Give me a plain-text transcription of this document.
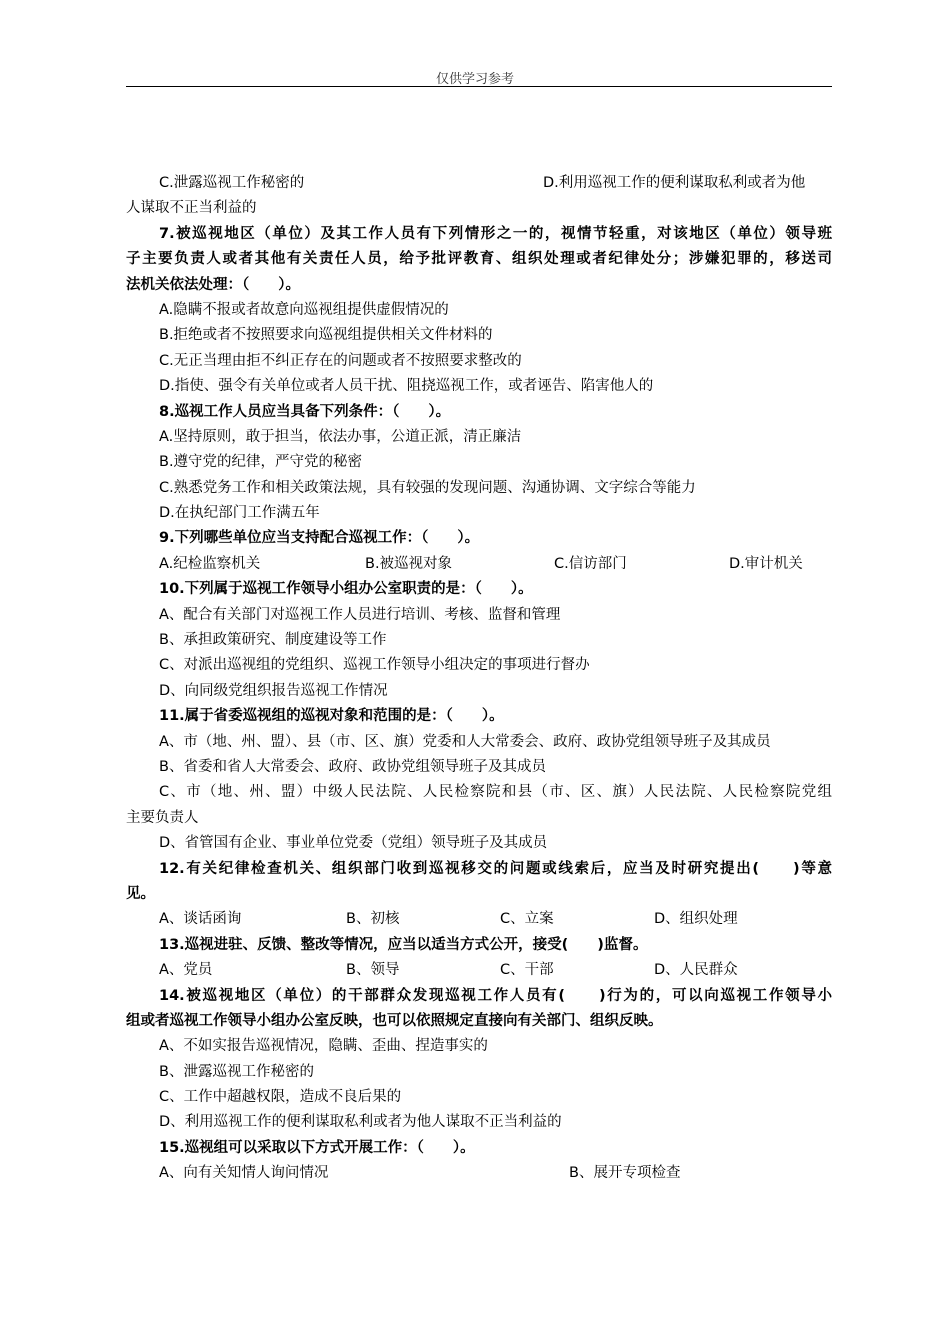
仅供学习参考
C.泄露巡视工作秘密的	D.利用巡视工作的便利谋取私利或者为他
人谋取不正当利益的
7.被巡视地区（单位）及其工作人员有下列情形之一的，视情节轻重，对该地区（单位）领导班
子主要负责人或者其他有关责任人员，给予批评教育、组织处理或者纪律处分；涉嫌犯罪的，移送司
法机关依法处理：（　　）。
A.隐瞒不报或者故意向巡视组提供虚假情况的
B.拒绝或者不按照要求向巡视组提供相关文件材料的
C.无正当理由拒不纠正存在的问题或者不按照要求整改的
D.指使、强令有关单位或者人员干扰、阻挠巡视工作，或者诬告、陷害他人的
8.巡视工作人员应当具备下列条件：（　　）。
A.坚持原则，敢于担当，依法办事，公道正派，清正廉洁
B.遵守党的纪律，严守党的秘密
C.熟悉党务工作和相关政策法规，具有较强的发现问题、沟通协调、文字综合等能力
D.在执纪部门工作满五年
9.下列哪些单位应当支持配合巡视工作：（　　）。
A.纪检监察机关	B.被巡视对象	C.信访部门	D.审计机关
10.下列属于巡视工作领导小组办公室职责的是：（　　）。
A、配合有关部门对巡视工作人员进行培训、考核、监督和管理
B、承担政策研究、制度建设等工作
C、对派出巡视组的党组织、巡视工作领导小组决定的事项进行督办
D、向同级党组织报告巡视工作情况
11.属于省委巡视组的巡视对象和范围的是：（　　）。
A、市（地、州、盟）、县（市、区、旗）党委和人大常委会、政府、政协党组领导班子及其成员
B、省委和省人大常委会、政府、政协党组领导班子及其成员
C、市（地、州、盟）中级人民法院、人民检察院和县（市、区、旗）人民法院、人民检察院党组
主要负责人
D、省管国有企业、事业单位党委（党组）领导班子及其成员
12.有关纪律检查机关、组织部门收到巡视移交的问题或线索后，应当及时研究提出(　　)等意
见。
A、谈话函询	B、初核	C、立案	D、组织处理
13.巡视进驻、反馈、整改等情况，应当以适当方式公开，接受(　　)监督。
A、党员	B、领导	C、干部	D、人民群众
14.被巡视地区（单位）的干部群众发现巡视工作人员有(　　)行为的，可以向巡视工作领导小
组或者巡视工作领导小组办公室反映，也可以依照规定直接向有关部门、组织反映。
A、不如实报告巡视情况，隐瞒、歪曲、捏造事实的
B、泄露巡视工作秘密的
C、工作中超越权限，造成不良后果的
D、利用巡视工作的便利谋取私利或者为他人谋取不正当利益的
15.巡视组可以采取以下方式开展工作：（　　）。
A、向有关知情人询问情况	B、展开专项检查
